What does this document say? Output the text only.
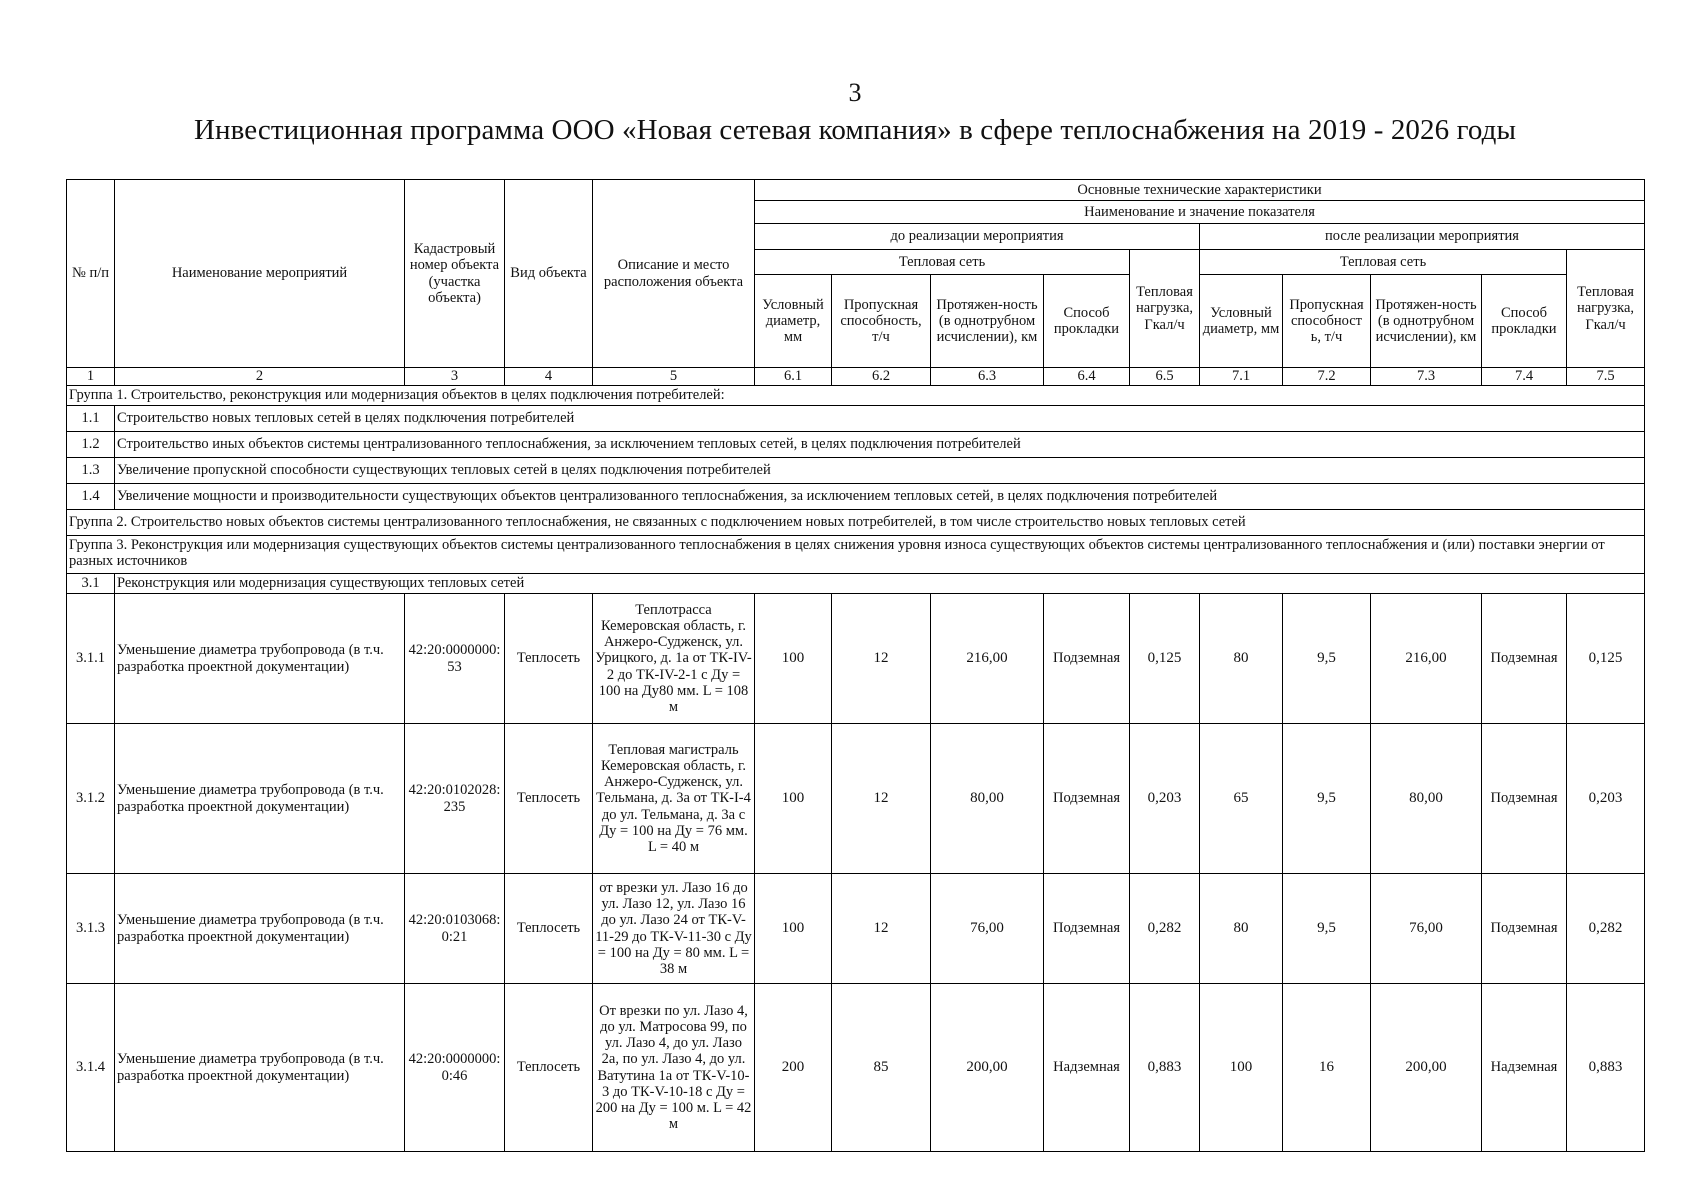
3
Инвестиционная программа ООО «Новая сетевая компания» в сфере теплоснабжения на 2019 - 2026 годы
№ п/п	Наименование мероприятий	Кадастровый номер объекта (участка объекта)	Вид объекта	Описание и место расположения объекта	Основные технические характеристики									
					Наименование и значение показателя									
					до реализации мероприятия					после реализации мероприятия				
					Тепловая сеть				Тепловая нагрузка, Гкал/ч	Тепловая сеть				Тепловая нагрузка, Гкал/ч
					Условный диаметр, мм	Пропускная способность, т/ч	Протяжен-ность (в однотрубном исчислении), км	Способ прокладки		Условный диаметр, мм	Пропускная способност ь, т/ч	Протяжен-ность (в однотрубном исчислении), км	Способ прокладки	
1	2	3	4	5	6.1	6.2	6.3	6.4	6.5	7.1	7.2	7.3	7.4	7.5
Группа 1. Строительство, реконструкция или модернизация объектов в целях подключения потребителей:														
1.1	Строительство новых тепловых сетей в целях подключения потребителей													
1.2	Строительство иных объектов системы централизованного теплоснабжения, за исключением тепловых сетей, в целях подключения потребителей													
1.3	Увеличение пропускной способности существующих тепловых сетей в целях подключения потребителей													
1.4	Увеличение мощности и производительности существующих объектов централизованного теплоснабжения, за исключением тепловых сетей, в целях подключения потребителей													
Группа 2. Строительство новых объектов системы централизованного теплоснабжения, не связанных с подключением новых потребителей, в том числе строительство новых тепловых сетей														
Группа 3. Реконструкция или модернизация существующих объектов системы централизованного теплоснабжения в целях снижения уровня износа существующих объектов системы централизованного теплоснабжения и (или) поставки энергии от разных источников														
3.1	Реконструкция или модернизация существующих тепловых сетей													
3.1.1	Уменьшение диаметра трубопровода (в т.ч. разработка проектной документации)	42:20:0000000:53	Теплосеть	Теплотрасса Кемеровская область, г. Анжеро-Судженск, ул. Урицкого, д. 1а от ТК-IV-2 до ТК-IV-2-1 с Ду = 100 на Ду80 мм. L = 108 м	100	12	216,00	Подземная	0,125	80	9,5	216,00	Подземная	0,125
3.1.2	Уменьшение диаметра трубопровода (в т.ч. разработка проектной документации)	42:20:0102028:235	Теплосеть	Тепловая магистраль Кемеровская область, г. Анжеро-Судженск, ул. Тельмана, д. 3а от ТК-I-4 до ул. Тельмана, д. 3а с Ду = 100 на Ду = 76 мм. L = 40 м	100	12	80,00	Подземная	0,203	65	9,5	80,00	Подземная	0,203
3.1.3	Уменьшение диаметра трубопровода (в т.ч. разработка проектной документации)	42:20:0103068:0:21	Теплосеть	от врезки ул. Лазо 16 до ул. Лазо 12, ул. Лазо 16 до ул. Лазо 24 от ТК-V-11-29 до ТК-V-11-30 с Ду = 100 на Ду = 80 мм. L = 38 м	100	12	76,00	Подземная	0,282	80	9,5	76,00	Подземная	0,282
3.1.4	Уменьшение диаметра трубопровода (в т.ч. разработка проектной документации)	42:20:0000000:0:46	Теплосеть	От врезки по ул. Лазо 4, до ул. Матросова 99, по ул. Лазо 4, до ул. Лазо 2а, по ул. Лазо 4, до ул. Ватутина 1а от ТК-V-10-3 до ТК-V-10-18 с Ду = 200 на Ду = 100 м. L = 42 м	200	85	200,00	Надземная	0,883	100	16	200,00	Надземная	0,883
